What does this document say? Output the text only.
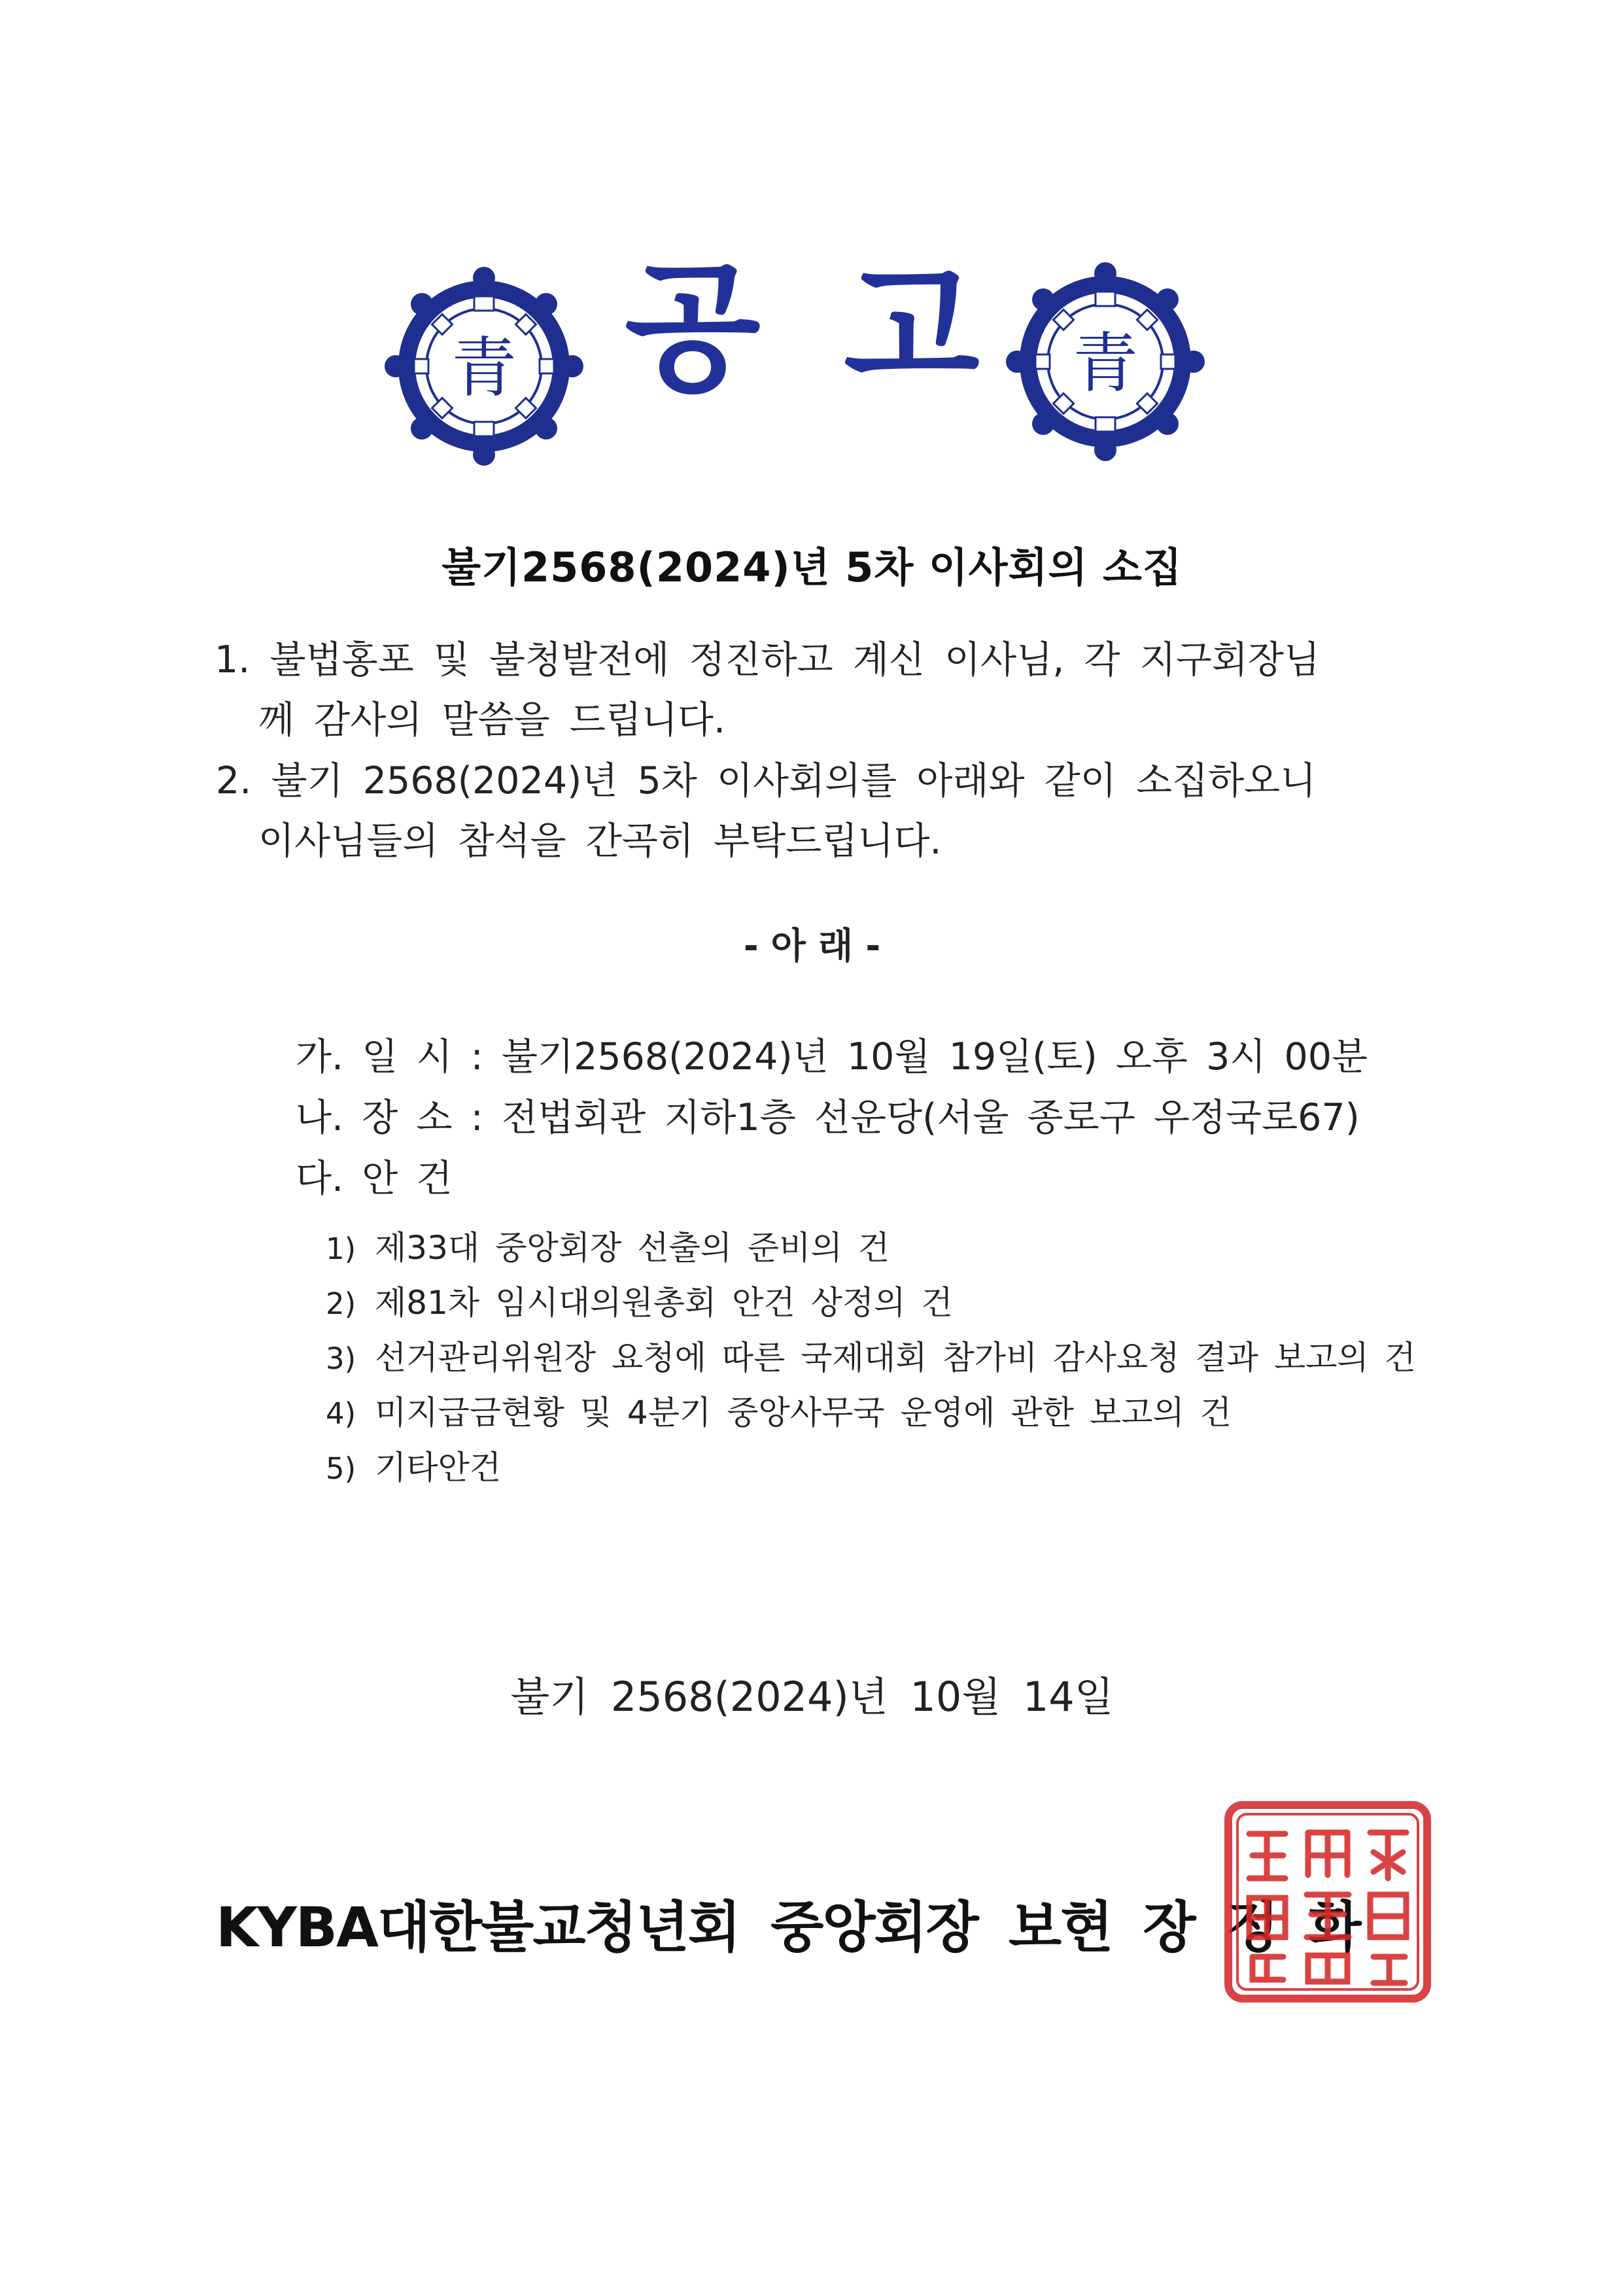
青 공 고 青
불기2568(2024)년 5차 이사회의 소집
1. 불법홍포 및 불청발전에 정진하고 계신 이사님, 각 지구회장님
께 감사의 말씀을 드립니다.
2. 불기 2568(2024)년 5차 이사회의를 아래와 같이 소집하오니
이사님들의 참석을 간곡히 부탁드립니다.
- 아 래 -
가. 일 시 : 불기2568(2024)년 10월 19일(토) 오후 3시 00분
나. 장 소 : 전법회관 지하1층 선운당(서울 종로구 우정국로67)
다. 안 건
1) 제33대 중앙회장 선출의 준비의 건
2) 제81차 임시대의원총회 안건 상정의 건
3) 선거관리위원장 요청에 따른 국제대회 참가비 감사요청 결과 보고의 건
4) 미지급금현황 및 4분기 중앙사무국 운영에 관한 보고의 건
5) 기타안건
불기 2568(2024)년 10월 14일
KYBA대한불교청년회 중앙회장 보현 장 정 화
